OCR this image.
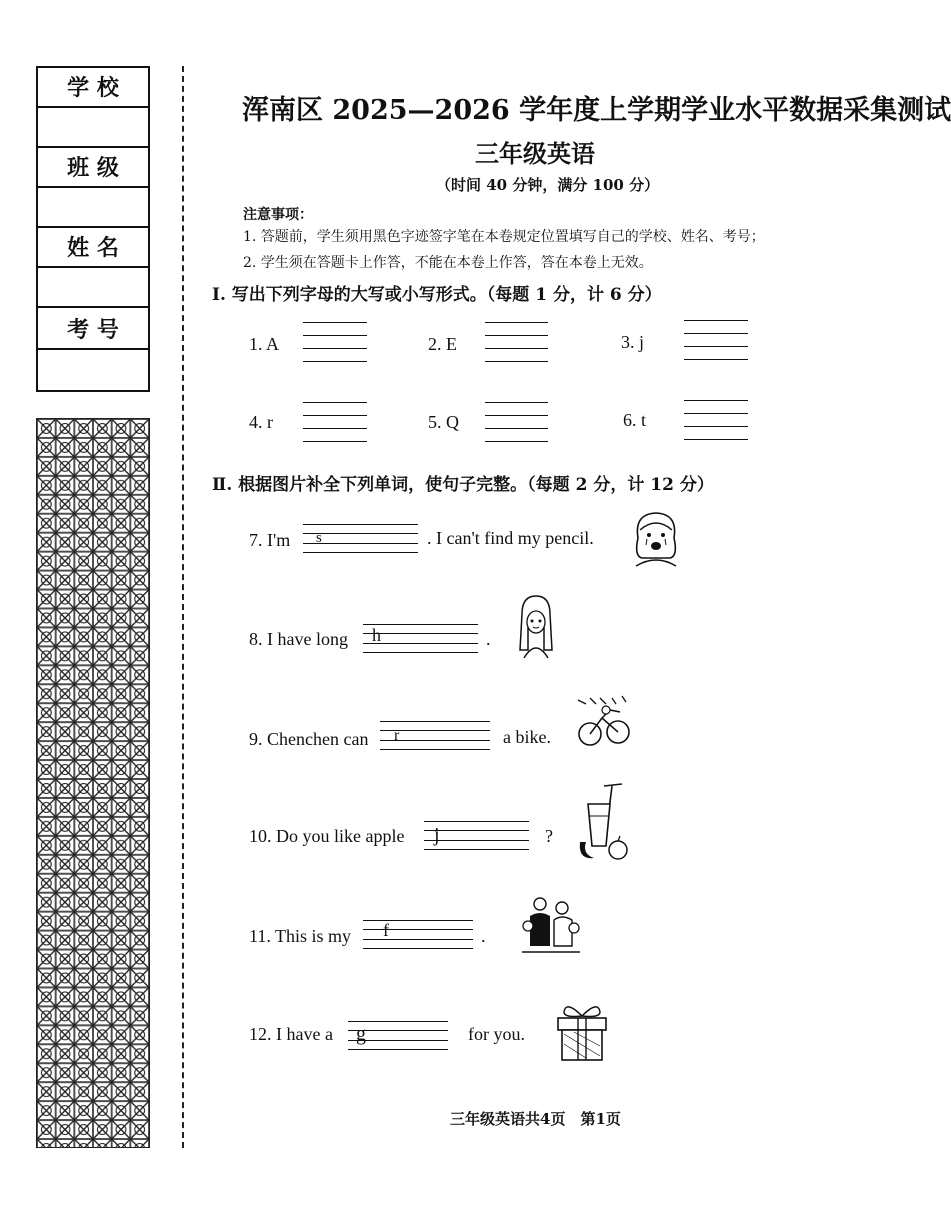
学 校
班 级
姓 名
考 号
浑南区 2025—2026 学年度上学期学业水平数据采集测试
三年级英语
（时间 40 分钟，满分 100 分）
注意事项：
1. 答题前，学生须用黑色字迹签字笔在本卷规定位置填写自己的学校、姓名、考号；
2. 学生须在答题卡上作答，不能在本卷上作答，答在本卷上无效。
Ⅰ. 写出下列字母的大写或小写形式。（每题 1 分，计 6 分）
1. A	2. E	3. j
4. r	5. Q	6. t
Ⅱ. 根据图片补全下列单词，使句子完整。（每题 2 分，计 12 分）
7. I'm s	. I can't find my pencil.
8. I have long h	.
9. Chenchen can r	a bike.
10. Do you like apple j	?
11. This is my f	.
12. I have a g	for you.
三年级英语共4页　第1页
